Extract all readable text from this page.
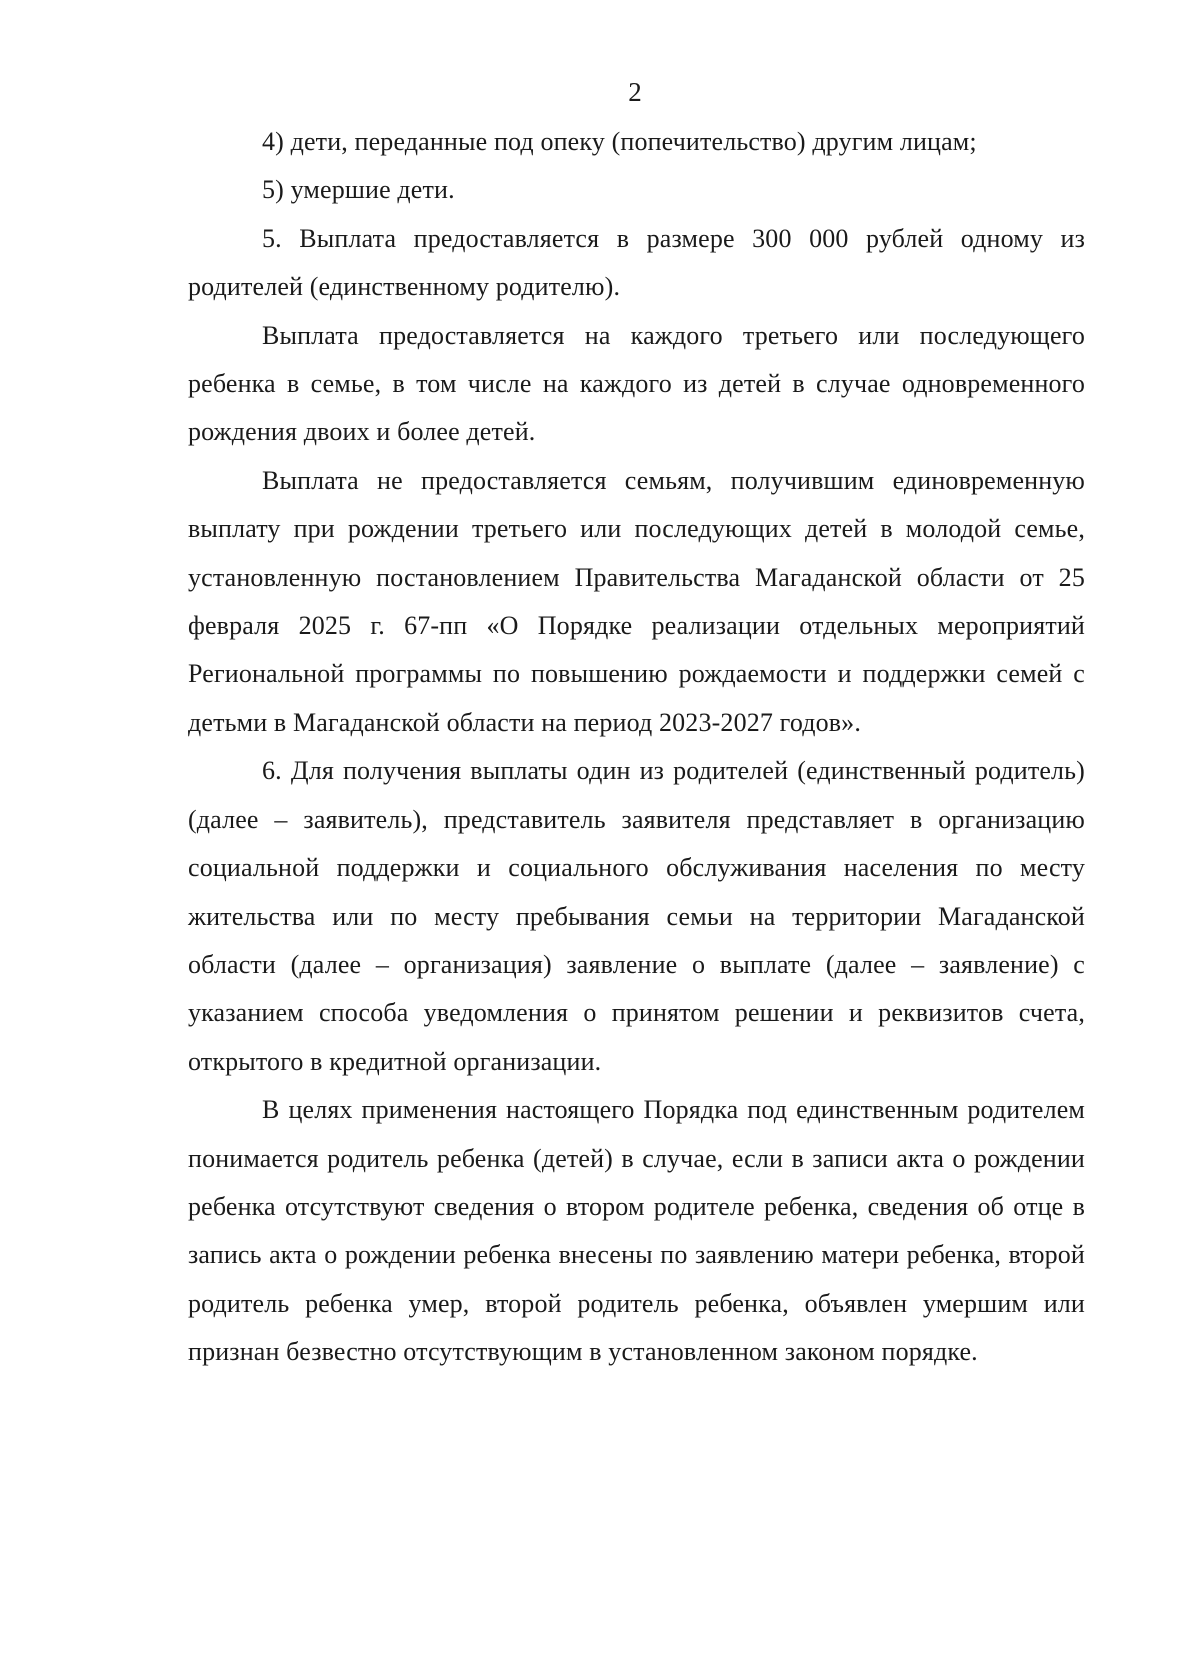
2

4) дети, переданные под опеку (попечительство) другим лицам;

5) умершие дети.

5. Выплата предоставляется в размере 300 000 рублей одному из родителей (единственному родителю).

Выплата предоставляется на каждого третьего или последующего ребенка в семье, в том числе на каждого из детей в случае одновременного рождения двоих и более детей.

Выплата не предоставляется семьям, получившим единовременную выплату при рождении третьего или последующих детей в молодой семье, установленную постановлением Правительства Магаданской области от 25 февраля 2025 г. 67-пп «О Порядке реализации отдельных мероприятий Региональной программы по повышению рождаемости и поддержки семей с детьми в Магаданской области на период 2023-2027 годов».

6. Для получения выплаты один из родителей (единственный родитель) (далее – заявитель), представитель заявителя представляет в организацию социальной поддержки и социального обслуживания населения по месту жительства или по месту пребывания семьи на территории Магаданской области (далее – организация) заявление о выплате (далее – заявление) с указанием способа уведомления о принятом решении и реквизитов счета, открытого в кредитной организации.

В целях применения настоящего Порядка под единственным родителем понимается родитель ребенка (детей) в случае, если в записи акта о рождении ребенка отсутствуют сведения о втором родителе ребенка, сведения об отце в запись акта о рождении ребенка внесены по заявлению матери ребенка, второй родитель ребенка умер, второй родитель ребенка, объявлен умершим или признан безвестно отсутствующим в установленном законом порядке.
